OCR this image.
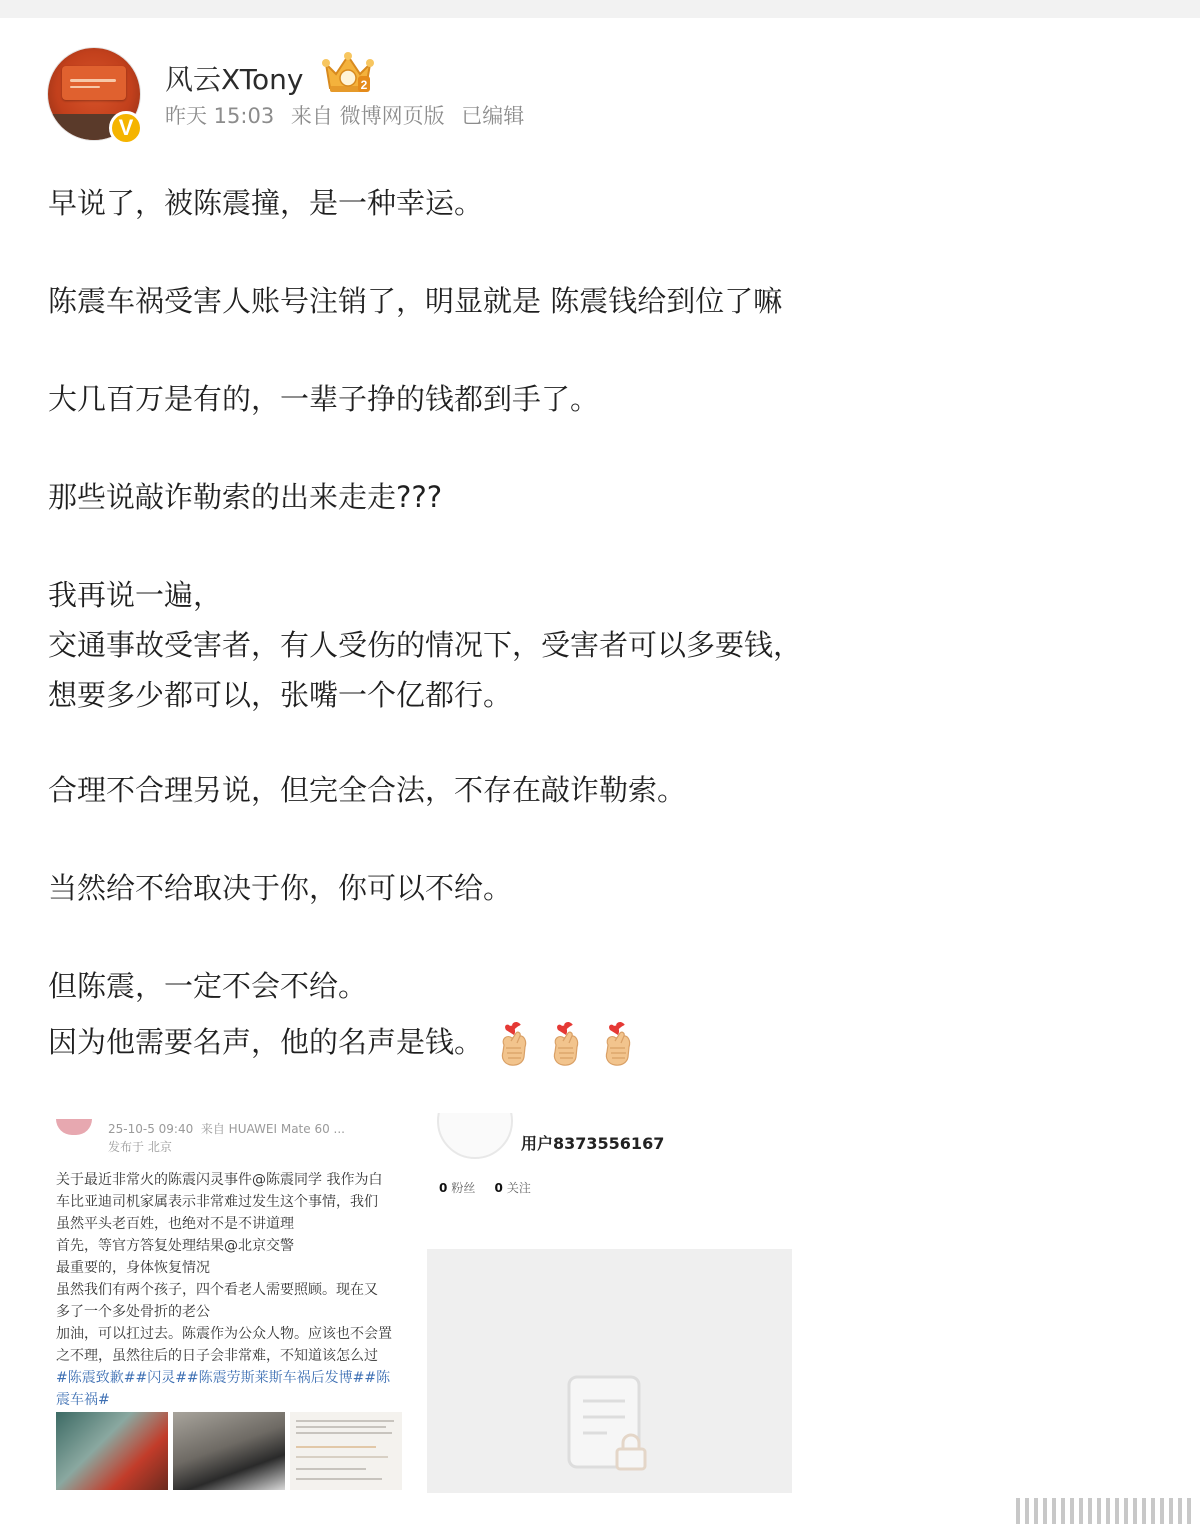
V
风云XTony	2
昨天 15:03 来自 微博网页版 已编辑
早说了，被陈震撞，是一种幸运。
陈震车祸受害人账号注销了，明显就是 陈震钱给到位了嘛
大几百万是有的，一辈子挣的钱都到手了。
那些说敲诈勒索的出来走走???
我再说一遍，
交通事故受害者，有人受伤的情况下，受害者可以多要钱，
想要多少都可以，张嘴一个亿都行。
合理不合理另说，但完全合法，不存在敲诈勒索。
当然给不给取决于你，你可以不给。
但陈震，一定不会不给。
因为他需要名声，他的名声是钱。
25-10-5 09:40  来自 HUAWEI Mate 60 ...
发布于 北京
关于最近非常火的陈震闪灵事件@陈震同学 我作为白
车比亚迪司机家属表示非常难过发生这个事情，我们
虽然平头老百姓，也绝对不是不讲道理
首先，等官方答复处理结果@北京交警
最重要的，身体恢复情况
虽然我们有两个孩子，四个看老人需要照顾。现在又
多了一个多处骨折的老公
加油，可以扛过去。陈震作为公众人物。应该也不会置
之不理，虽然往后的日子会非常难，不知道该怎么过
#陈震致歉##闪灵##陈震劳斯莱斯车祸后发博##陈
震车祸#
用户8373556167
0 粉丝 0 关注
